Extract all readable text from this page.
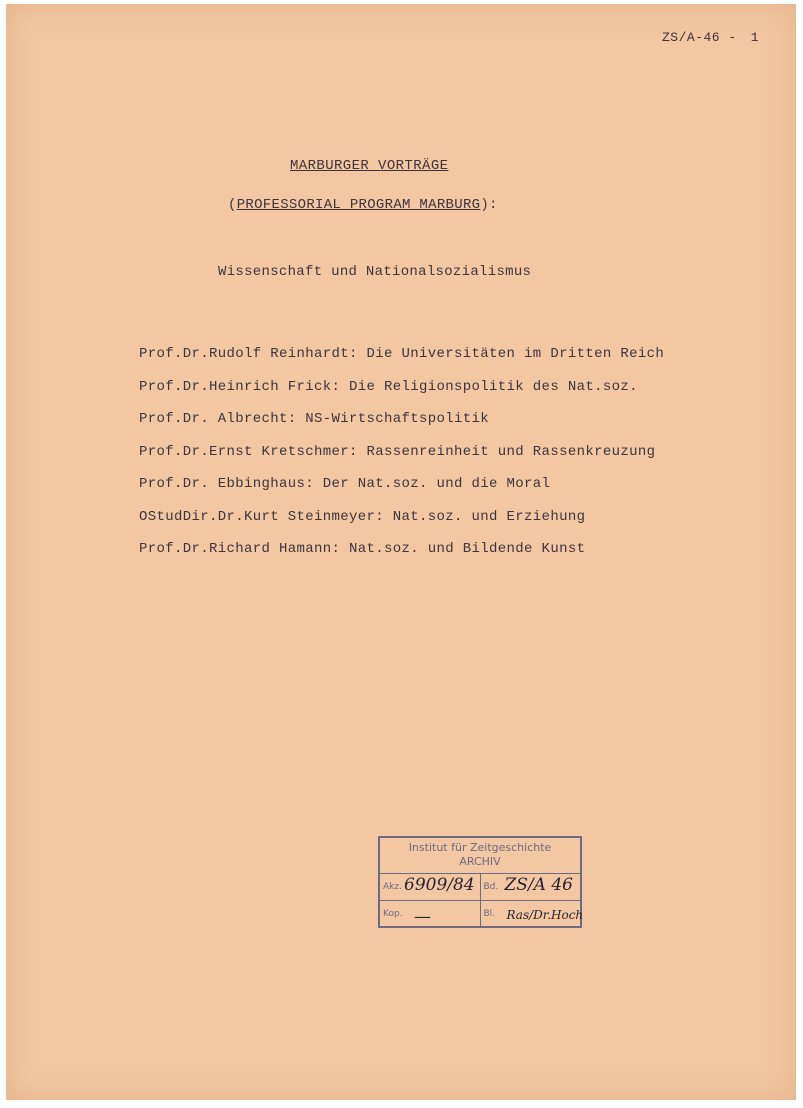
ZS/A-46 - 1
MARBURGER VORTRÄGE
(PROFESSORIAL PROGRAM MARBURG):
Wissenschaft und Nationalsozialismus
Prof.Dr.Rudolf Reinhardt: Die Universitäten im Dritten Reich
Prof.Dr.Heinrich Frick: Die Religionspolitik des Nat.soz.
Prof.Dr. Albrecht: NS-Wirtschaftspolitik
Prof.Dr.Ernst Kretschmer: Rassenreinheit und Rassenkreuzung
Prof.Dr. Ebbinghaus: Der Nat.soz. und die Moral
OStudDir.Dr.Kurt Steinmeyer: Nat.soz. und Erziehung
Prof.Dr.Richard Hamann: Nat.soz. und Bildende Kunst
Institut für Zeitgeschichte
ARCHIV
Akz. 6909/84 Bd. ZS/A 46
Kop. —	Bl. Ras/Dr.Hoch
